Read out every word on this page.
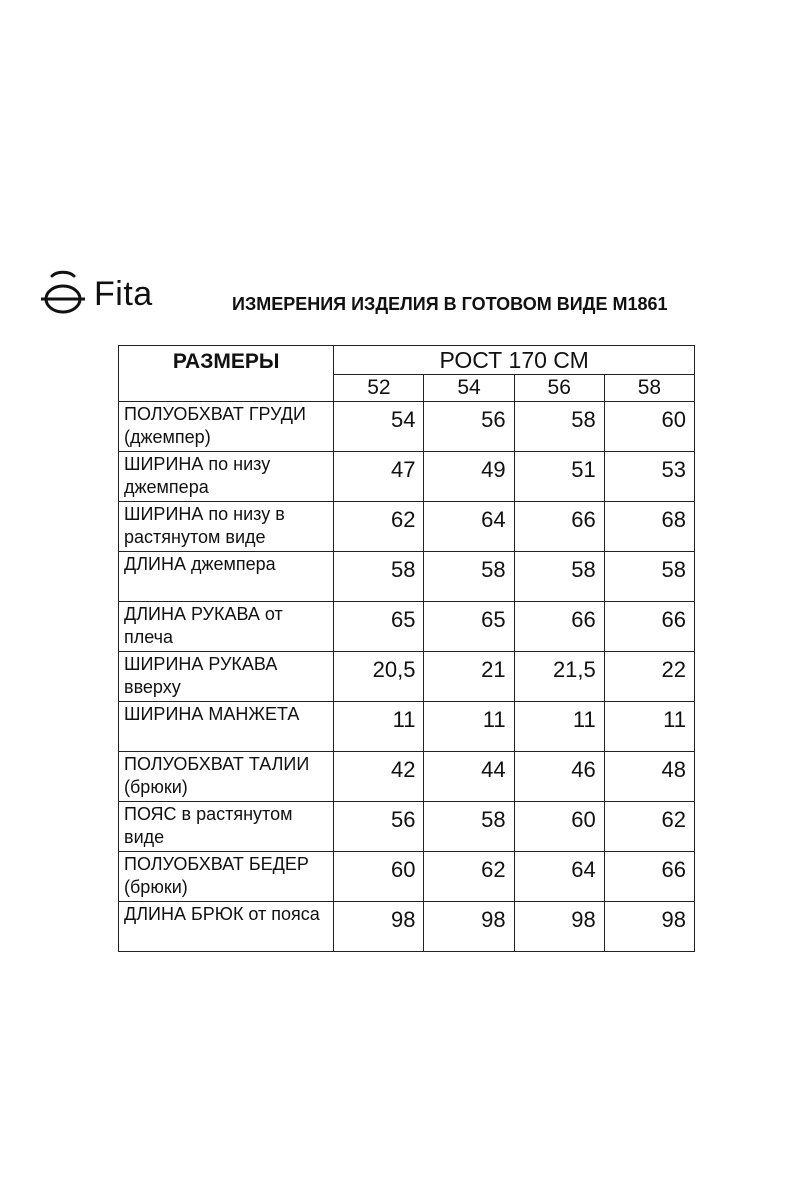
Fita	ИЗМЕРЕНИЯ ИЗДЕЛИЯ В ГОТОВОМ ВИДЕ М1861
РАЗМЕРЫ	РОСТ 170 СМ			
	52	54	56	58
ПОЛУОБХВАТ ГРУДИ (джемпер)	54	56	58	60
ШИРИНА по низу джемпера	47	49	51	53
ШИРИНА по низу в растянутом виде	62	64	66	68
ДЛИНА джемпера	58	58	58	58
ДЛИНА РУКАВА от плеча	65	65	66	66
ШИРИНА РУКАВА вверху	20,5	21	21,5	22
ШИРИНА МАНЖЕТА	11	11	11	11
ПОЛУОБХВАТ ТАЛИИ (брюки)	42	44	46	48
ПОЯС в растянутом виде	56	58	60	62
ПОЛУОБХВАТ БЕДЕР (брюки)	60	62	64	66
ДЛИНА БРЮК от пояса	98	98	98	98
